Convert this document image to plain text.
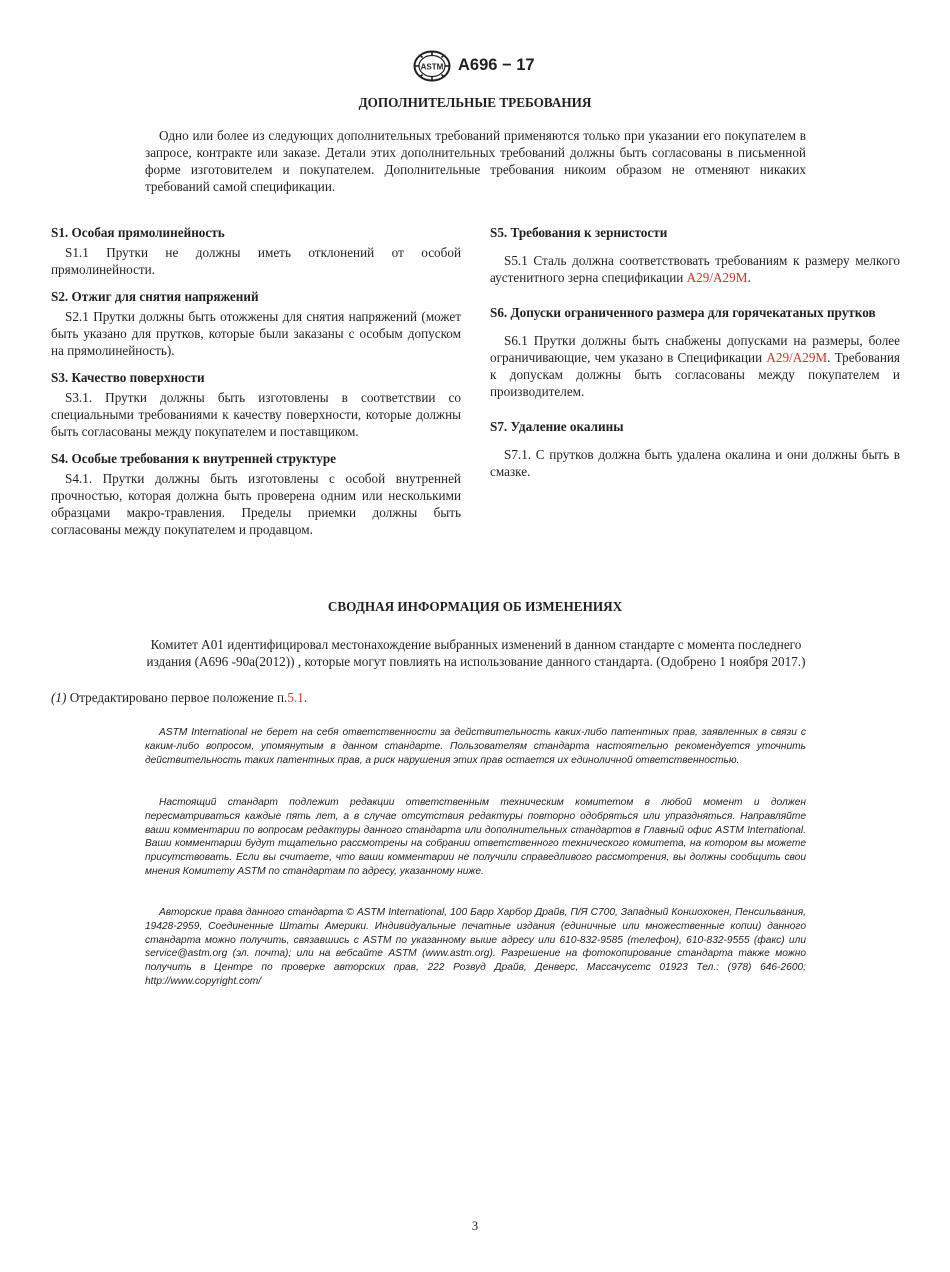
ASTM A696 − 17
ДОПОЛНИТЕЛЬНЫЕ ТРЕБОВАНИЯ
Одно или более из следующих дополнительных требований применяются только при указании его покупателем в запросе, контракте или заказе. Детали этих дополнительных требований должны быть согласованы в письменной форме изготовителем и покупателем. Дополнительные требования никоим образом не отменяют никаких требований самой спецификации.
S1. Особая прямолинейность
S1.1 Прутки не должны иметь отклонений от особой прямолинейности.
S2. Отжиг для снятия напряжений
S2.1 Прутки должны быть отожжены для снятия напряжений (может быть указано для прутков, которые были заказаны с особым допуском на прямолинейность).
S3. Качество поверхности
S3.1. Прутки должны быть изготовлены в соответствии со специальными требованиями к качеству поверхности, которые должны быть согласованы между покупателем и поставщиком.
S4. Особые требования к внутренней структуре
S4.1. Прутки должны быть изготовлены с особой внутренней прочностью, которая должна быть проверена одним или несколькими образцами макро-травления. Пределы приемки должны быть согласованы между покупателем и продавцом.
S5. Требования к зернистости
S5.1 Сталь должна соответствовать требованиям к размеру мелкого аустенитного зерна спецификации A29/A29M.
S6. Допуски ограниченного размера для горячекатаных прутков
S6.1 Прутки должны быть снабжены допусками на размеры, более ограничивающие, чем указано в Спецификации A29/A29M. Требования к допускам должны быть согласованы между покупателем и производителем.
S7. Удаление окалины
S7.1. С прутков должна быть удалена окалина и они должны быть в смазке.
СВОДНАЯ ИНФОРМАЦИЯ ОБ ИЗМЕНЕНИЯХ
Комитет A01 идентифицировал местонахождение выбранных изменений в данном стандарте с момента последнего
издания (A696 -90a(2012)) , которые могут повлиять на использование данного стандарта. (Одобрено 1 ноября 2017.)
(1) Отредактировано первое положение п.5.1.
ASTM International не берет на себя ответственности за действительность каких-либо патентных прав, заявленных в связи с каким-либо вопросом, упомянутым в данном стандарте. Пользователям стандарта настоятельно рекомендуется уточнить действительность таких патентных прав, а риск нарушения этих прав остается их единоличной ответственностью.
Настоящий стандарт подлежит редакции ответственным техническим комитетом в любой момент и должен пересматриваться каждые пять лет, а в случае отсутствия редактуры повторно одобряться или упраздняться. Направляйте ваши комментарии по вопросам редактуры данного стандарта или дополнительных стандартов в Главный офис ASTM International. Ваши комментарии будут тщательно рассмотрены на собрании ответственного технического комитета, на котором вы можете присутствовать. Если вы считаете, что ваши комментарии не получили справедливого рассмотрения, вы должны сообщить свои мнения Комитету ASTM по стандартам по адресу, указанному ниже.
Авторские права данного стандарта © ASTM International, 100 Барр Харбор Драйв, П/Я C700, Западный Коншохокен, Пенсильвания, 19428-2959, Соединенные Штаты Америки. Индивидуальные печатные издания (единичные или множественные копии) данного стандарта можно получить, связавшись с ASTM по указанному выше адресу или 610-832-9585 (телефон), 610-832-9555 (факс) или service@astm.org (эл. почта); или на вебсайте ASTM (www.astm.org). Разрешение на фотокопирование стандарта также можно получить в Центре по проверке авторских прав, 222 Розвуд Драйв, Денверс, Массачусетс 01923 Тел.: (978) 646-2600; http://www.copyright.com/
3
